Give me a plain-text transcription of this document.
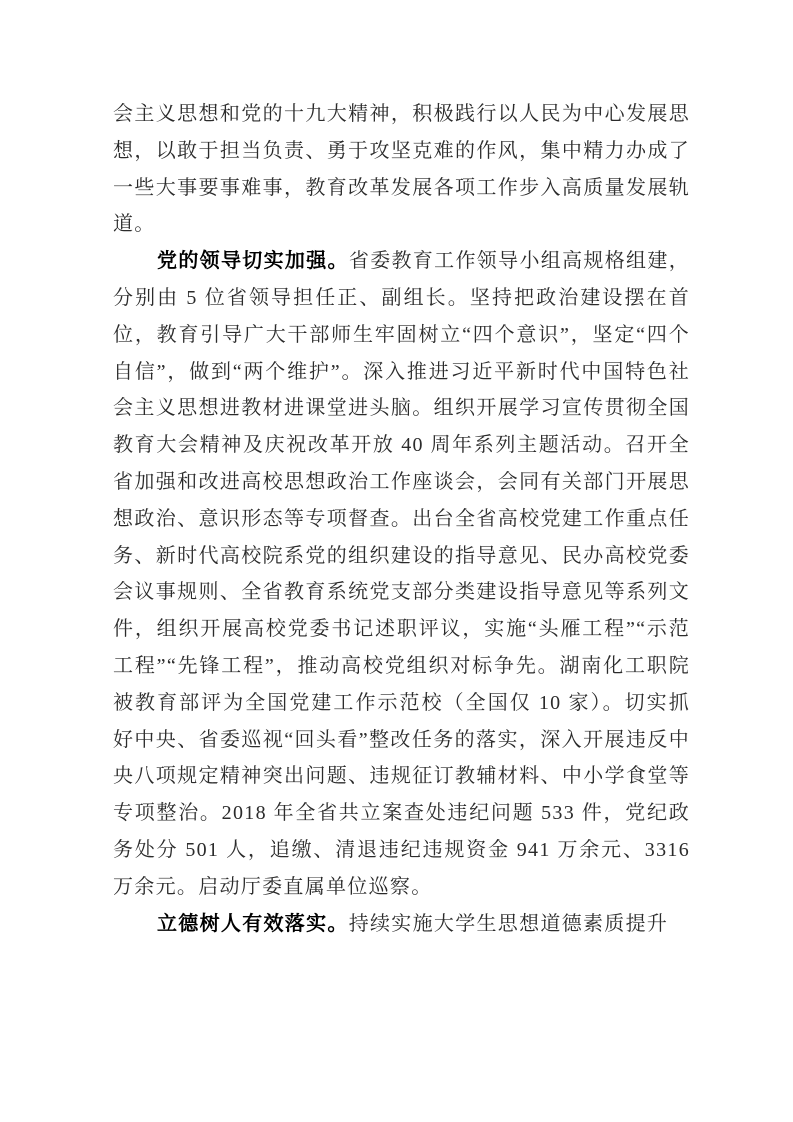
会主义思想和党的十九大精神，积极践行以人民为中心发展思想，以敢于担当负责、勇于攻坚克难的作风，集中精力办成了一些大事要事难事，教育改革发展各项工作步入高质量发展轨道。

党的领导切实加强。省委教育工作领导小组高规格组建，分别由 5 位省领导担任正、副组长。坚持把政治建设摆在首位，教育引导广大干部师生牢固树立“四个意识”，坚定“四个自信”，做到“两个维护”。深入推进习近平新时代中国特色社会主义思想进教材进课堂进头脑。组织开展学习宣传贯彻全国教育大会精神及庆祝改革开放 40 周年系列主题活动。召开全省加强和改进高校思想政治工作座谈会，会同有关部门开展思想政治、意识形态等专项督查。出台全省高校党建工作重点任务、新时代高校院系党的组织建设的指导意见、民办高校党委会议事规则、全省教育系统党支部分类建设指导意见等系列文件，组织开展高校党委书记述职评议，实施“头雁工程”“示范工程”“先锋工程”，推动高校党组织对标争先。湖南化工职院被教育部评为全国党建工作示范校（全国仅 10 家）。切实抓好中央、省委巡视“回头看”整改任务的落实，深入开展违反中央八项规定精神突出问题、违规征订教辅材料、中小学食堂等专项整治。2018 年全省共立案查处违纪问题 533 件，党纪政务处分 501 人，追缴、清退违纪违规资金 941 万余元、3316 万余元。启动厅委直属单位巡察。

立德树人有效落实。持续实施大学生思想道德素质提升
